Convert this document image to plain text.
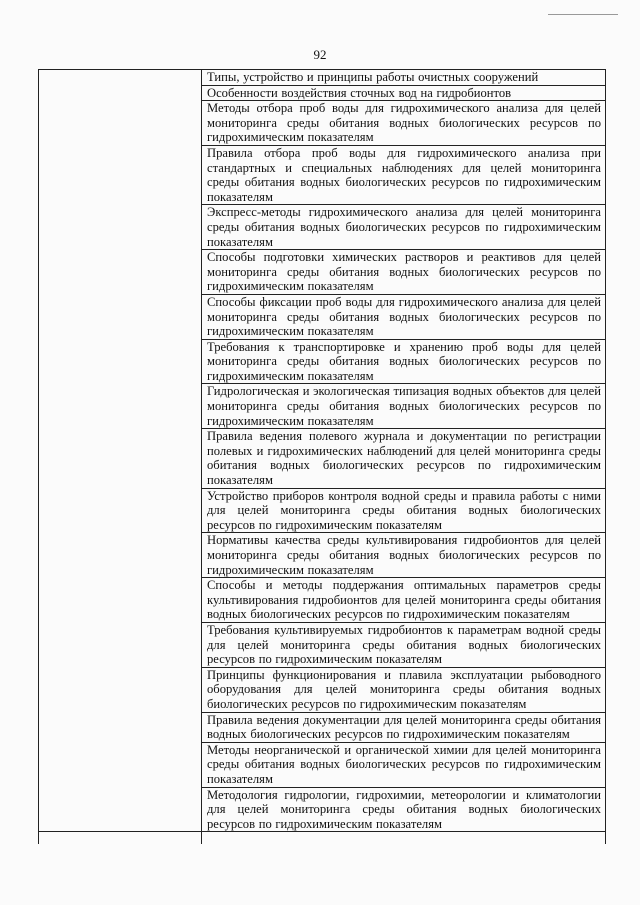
92
	Типы, устройство и принципы работы очистных сооружений
	Особенности воздействия сточных вод на гидробионтов
	Методы отбора проб воды для гидрохимического анализа для целей мониторинга среды обитания водных биологических ресурсов по гидрохимическим показателям
	Правила отбора проб воды для гидрохимического анализа при стандартных и специальных наблюдениях для целей мониторинга среды обитания водных биологических ресурсов по гидрохимическим показателям
	Экспресс-методы гидрохимического анализа для целей мониторинга среды обитания водных биологических ресурсов по гидрохимическим показателям
	Способы подготовки химических растворов и реактивов для целей мониторинга среды обитания водных биологических ресурсов по гидрохимическим показателям
	Способы фиксации проб воды для гидрохимического анализа для целей мониторинга среды обитания водных биологических ресурсов по гидрохимическим показателям
	Требования к транспортировке и хранению проб воды для целей мониторинга среды обитания водных биологических ресурсов по гидрохимическим показателям
	Гидрологическая и экологическая типизация водных объектов для целей мониторинга среды обитания водных биологических ресурсов по гидрохимическим показателям
	Правила ведения полевого журнала и документации по регистрации полевых и гидрохимических наблюдений для целей мониторинга среды обитания водных биологических ресурсов по гидрохимическим показателям
	Устройство приборов контроля водной среды и правила работы с ними для целей мониторинга среды обитания водных биологических ресурсов по гидрохимическим показателям
	Нормативы качества среды культивирования гидробионтов для целей мониторинга среды обитания водных биологических ресурсов по гидрохимическим показателям
	Способы и методы поддержания оптимальных параметров среды культивирования гидробионтов для целей мониторинга среды обитания водных биологических ресурсов по гидрохимическим показателям
	Требования культивируемых гидробионтов к параметрам водной среды для целей мониторинга среды обитания водных биологических ресурсов по гидрохимическим показателям
	Принципы функционирования и плавила эксплуатации рыбоводного оборудования для целей мониторинга среды обитания водных биологических ресурсов по гидрохимическим показателям
	Правила ведения документации для целей мониторинга среды обитания водных биологических ресурсов по гидрохимическим показателям
	Методы неорганической и органической химии для целей мониторинга среды обитания водных биологических ресурсов по гидрохимическим показателям
	Методология гидрологии, гидрохимии, метеорологии и климатологии для целей мониторинга среды обитания водных биологических ресурсов по гидрохимическим показателям
